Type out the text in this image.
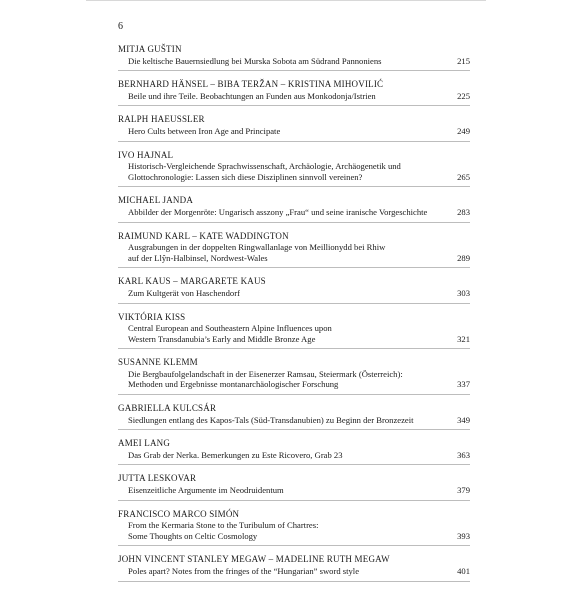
6
MITJA GUŠTIN
Die keltische Bauernsiedlung bei Murska Sobota am Südrand Pannoniens	215
BERNHARD HÄNSEL – BIBA TERŽAN – KRISTINA MIHOVILIĆ
Beile und ihre Teile. Beobachtungen an Funden aus Monkodonja/Istrien	225
RALPH HAEUSSLER
Hero Cults between Iron Age and Principate	249
IVO HAJNAL
Historisch-Vergleichende Sprachwissenschaft, Archäologie, Archäogenetik und
Glottochronologie: Lassen sich diese Disziplinen sinnvoll vereinen?	265
MICHAEL JANDA
Abbilder der Morgenröte: Ungarisch asszony „Frau“ und seine iranische Vorgeschichte	283
RAIMUND KARL – KATE WADDINGTON
Ausgrabungen in der doppelten Ringwallanlage von Meillionydd bei Rhiw
auf der Llŷn-Halbinsel, Nordwest-Wales	289
KARL KAUS – MARGARETE KAUS
Zum Kultgerät von Haschendorf	303
VIKTÓRIA KISS
Central European and Southeastern Alpine Influences upon
Western Transdanubia’s Early and Middle Bronze Age	321
SUSANNE KLEMM
Die Bergbaufolgelandschaft in der Eisenerzer Ramsau, Steiermark (Österreich):
Methoden und Ergebnisse montanarchäologischer Forschung	337
GABRIELLA KULCSÁR
Siedlungen entlang des Kapos-Tals (Süd-Transdanubien) zu Beginn der Bronzezeit	349
AMEI LANG
Das Grab der Nerka. Bemerkungen zu Este Ricovero, Grab 23	363
JUTTA LESKOVAR
Eisenzeitliche Argumente im Neodruidentum	379
FRANCISCO MARCO SIMÓN
From the Kermaria Stone to the Turibulum of Chartres:
Some Thoughts on Celtic Cosmology	393
JOHN VINCENT STANLEY MEGAW – MADELINE RUTH MEGAW
Poles apart? Notes from the fringes of the “Hungarian” sword style	401
